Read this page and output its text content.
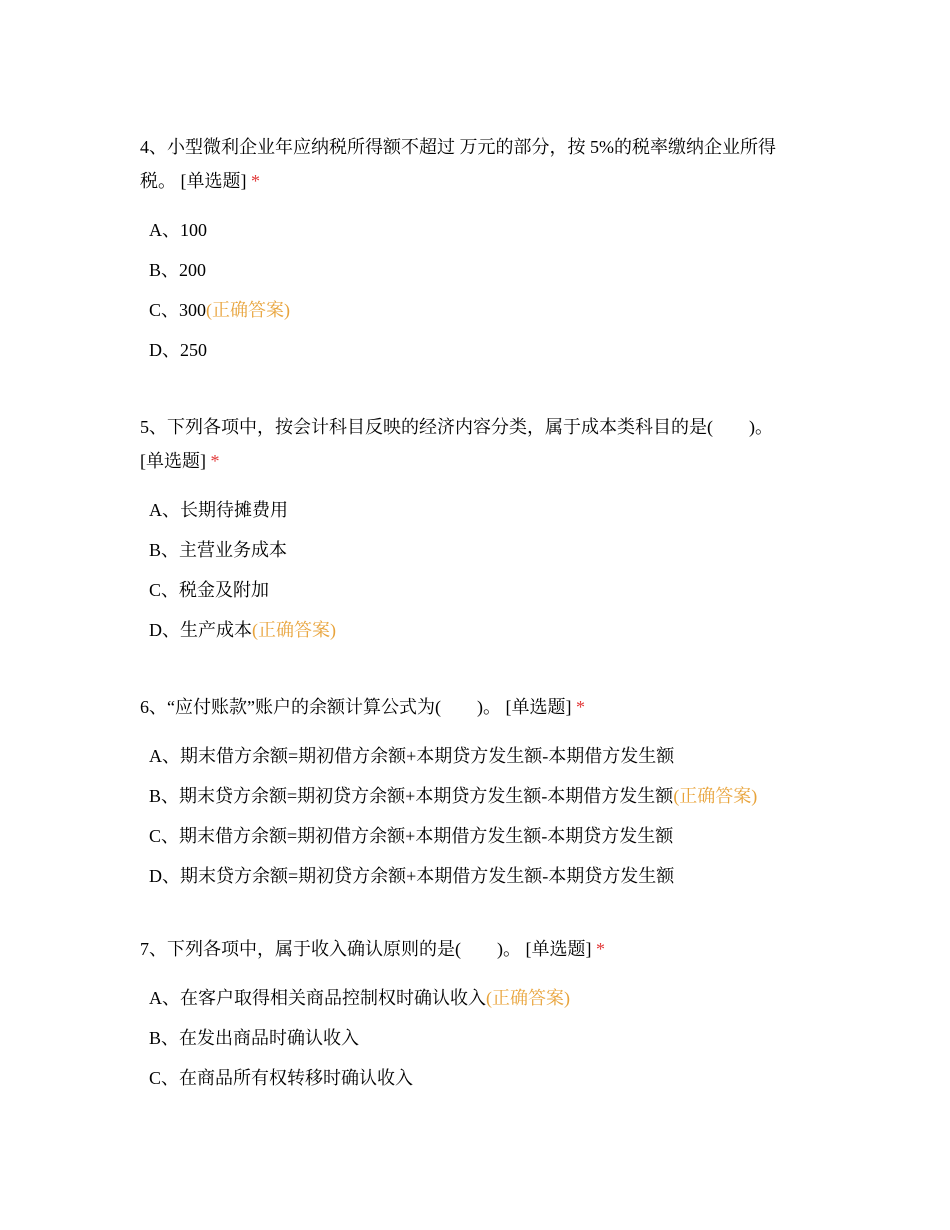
4、小型微利企业年应纳税所得额不超过 万元的部分，按 5%的税率缴纳企业所得税。 [单选题] *

A、100
B、200
C、300(正确答案)
D、250

5、下列各项中，按会计科目反映的经济内容分类，属于成本类科目的是(　　)。
[单选题] *

A、长期待摊费用
B、主营业务成本
C、税金及附加
D、生产成本(正确答案)

6、“应付账款”账户的余额计算公式为(　　)。 [单选题] *

A、期末借方余额=期初借方余额+本期贷方发生额-本期借方发生额
B、期末贷方余额=期初贷方余额+本期贷方发生额-本期借方发生额(正确答案)
C、期末借方余额=期初借方余额+本期借方发生额-本期贷方发生额
D、期末贷方余额=期初贷方余额+本期借方发生额-本期贷方发生额

7、下列各项中，属于收入确认原则的是(　　)。 [单选题] *

A、在客户取得相关商品控制权时确认收入(正确答案)
B、在发出商品时确认收入
C、在商品所有权转移时确认收入
